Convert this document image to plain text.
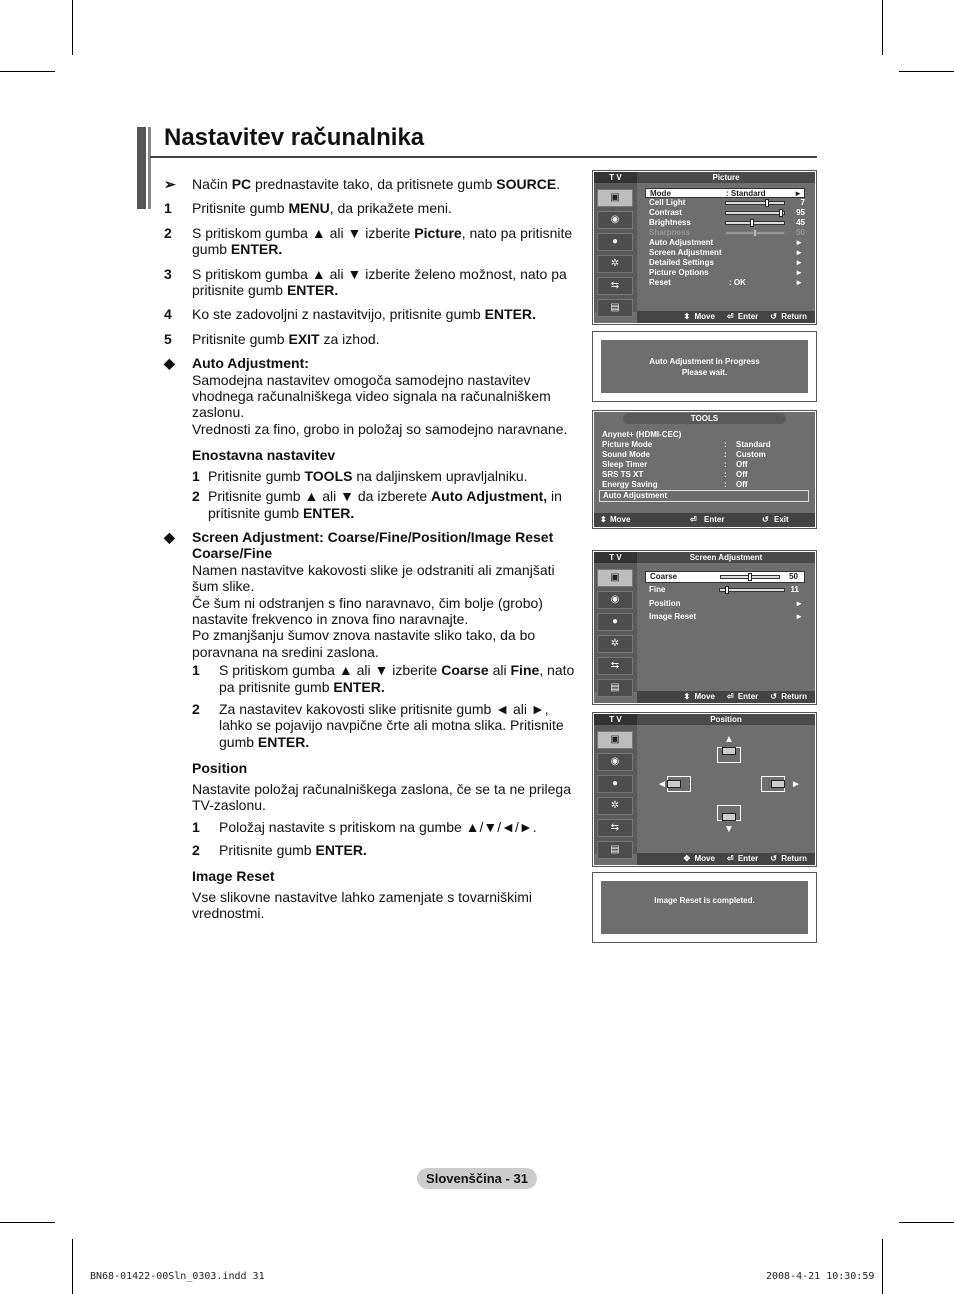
Nastavitev računalnika
➢ Način PC prednastavite tako, da pritisnete gumb SOURCE.
1 Pritisnite gumb MENU, da prikažete meni.
2 S pritiskom gumba ▲ ali ▼ izberite Picture, nato pa pritisnite gumb ENTER.
3 S pritiskom gumba ▲ ali ▼ izberite želeno možnost, nato pa pritisnite gumb ENTER.
4 Ko ste zadovoljni z nastavitvijo, pritisnite gumb ENTER.
5 Pritisnite gumb EXIT za izhod.
◆ Auto Adjustment:
Samodejna nastavitev omogoča samodejno nastavitev vhodnega računalniškega video signala na računalniškem zaslonu.
Vrednosti za fino, grobo in položaj so samodejno naravnane.
Enostavna nastavitev
1 Pritisnite gumb TOOLS na daljinskem upravljalniku.
2 Pritisnite gumb ▲ ali ▼ da izberete Auto Adjustment, in pritisnite gumb ENTER.
◆ Screen Adjustment: Coarse/Fine/Position/Image Reset
Coarse/Fine
Namen nastavitve kakovosti slike je odstraniti ali zmanjšati šum slike.
Če šum ni odstranjen s fino naravnavo, čim bolje (grobo) nastavite frekvenco in znova fino naravnajte.
Po zmanjšanju šumov znova nastavite sliko tako, da bo poravnana na sredini zaslona.
1 S pritiskom gumba ▲ ali ▼ izberite Coarse ali Fine, nato pa pritisnite gumb ENTER.
2 Za nastavitev kakovosti slike pritisnite gumb ◄ ali ►, lahko se pojavijo navpične črte ali motna slika. Pritisnite gumb ENTER.
Position
Nastavite položaj računalniškega zaslona, če se ta ne prilega TV-zaslonu.
1 Položaj nastavite s pritiskom na gumbe ▲/▼/◄/►.
2 Pritisnite gumb ENTER.
Image Reset
Vse slikovne nastavitve lahko zamenjate s tovarniškimi vrednostmi.
T V	Picture
▣
◉
●
✲
⇆
▤
Mode	: Standard	►
Cell Light	7
Contrast	95
Brightness	45
Sharpness	50
Auto Adjustment	►
Screen Adjustment	►
Detailed Settings	►
Picture Options	►
Reset	: OK	►
⬍ Move ⏎ Enter ↺ Return
Auto Adjustment in Progress
Please wait.
TOOLS
Anynet+ (HDMI-CEC)
Picture Mode	: Standard
Sound Mode	: Custom
Sleep Timer	: Off
SRS TS XT	: Off
Energy Saving	: Off
Auto Adjustment
⬍ Move	⏎ Enter	↺ Exit
T V	Screen Adjustment
▣
◉
●
✲
⇆
▤
Coarse	50
Fine	11
Position	►
Image Reset	►
⬍ Move ⏎ Enter ↺ Return
T V	Position
▣
◉
●
✲
⇆
▤
▲
◄	►
▼
✥ Move ⏎ Enter ↺ Return
Image Reset is completed.
Slovenščina - 31
BN68-01422-00Sln_0303.indd 31	2008-4-21 10:30:59
